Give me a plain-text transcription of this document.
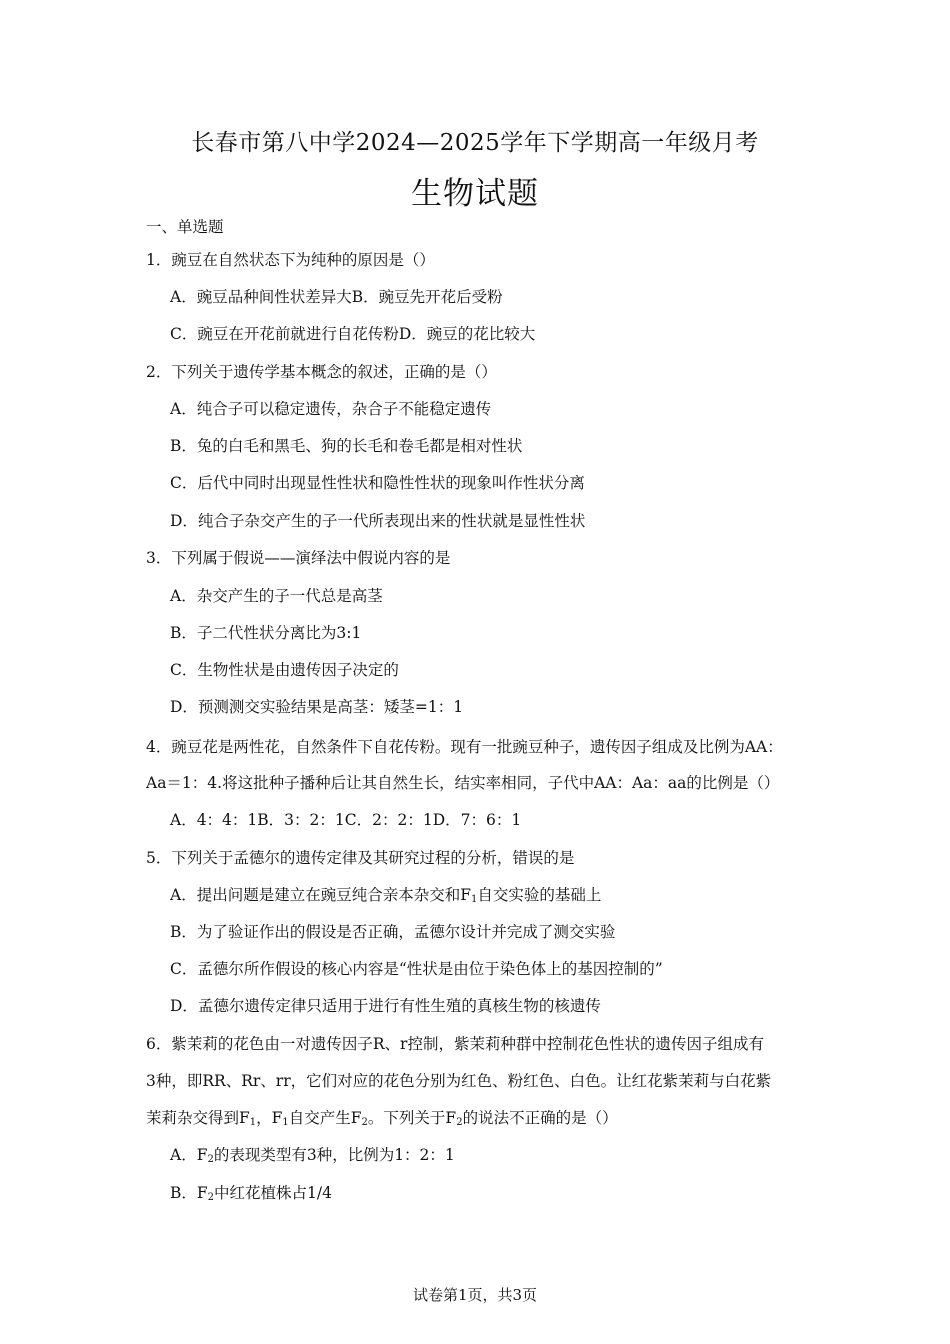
长春市第八中学2024—2025学年下学期高一年级月考
生物试题
一、单选题
1．豌豆在自然状态下为纯种的原因是（）
A．豌豆品种间性状差异大B．豌豆先开花后受粉
C．豌豆在开花前就进行自花传粉D．豌豆的花比较大
2．下列关于遗传学基本概念的叙述，正确的是（）
A．纯合子可以稳定遗传，杂合子不能稳定遗传
B．兔的白毛和黑毛、狗的长毛和卷毛都是相对性状
C．后代中同时出现显性性状和隐性性状的现象叫作性状分离
D．纯合子杂交产生的子一代所表现出来的性状就是显性性状
3．下列属于假说——演绎法中假说内容的是
A．杂交产生的子一代总是高茎
B．子二代性状分离比为3:1
C．生物性状是由遗传因子决定的
D．预测测交实验结果是高茎：矮茎=1：1
4．豌豆花是两性花，自然条件下自花传粉。现有一批豌豆种子，遗传因子组成及比例为AA：
Aa＝1：4.将这批种子播种后让其自然生长，结实率相同，子代中AA：Aa：aa的比例是（）
A．4：4：1B．3：2：1C．2：2：1D．7：6：1
5．下列关于孟德尔的遗传定律及其研究过程的分析，错误的是
A．提出问题是建立在豌豆纯合亲本杂交和$F_1$自交实验的基础上
B．为了验证作出的假设是否正确，孟德尔设计并完成了测交实验
C．孟德尔所作假设的核心内容是“性状是由位于染色体上的基因控制的”
D．孟德尔遗传定律只适用于进行有性生殖的真核生物的核遗传
6．紫茉莉的花色由一对遗传因子R、r控制，紫茉莉种群中控制花色性状的遗传因子组成有
3种，即RR、Rr、rr，它们对应的花色分别为红色、粉红色、白色。让红花紫茉莉与白花紫
茉莉杂交得到$F_1$，$F_1$自交产生$F_2$。下列关于$F_2$的说法不正确的是（）
A．$F_2$的表现类型有3种，比例为1：2：1
B．$F_2$中红花植株占1/4
试卷第1页，共3页
